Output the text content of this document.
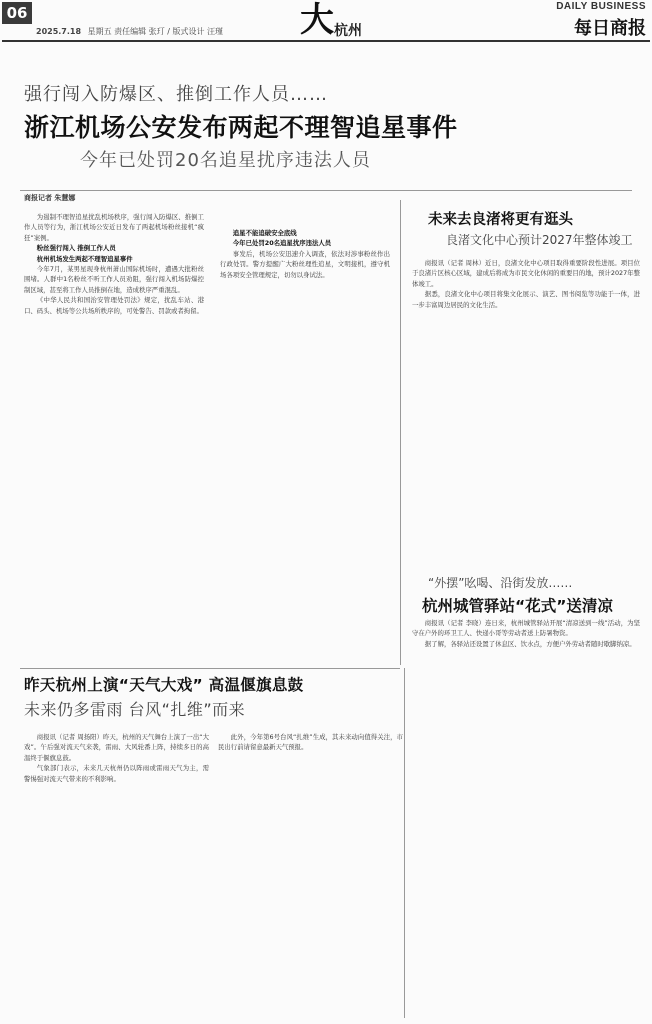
06
2025.7.18 星期五 责任编辑 张玎 / 版式设计 汪瑾 大 杭州
DAILY BUSINESS
每日商报
强行闯入防爆区、推倒工作人员……
浙江机场公安发布两起不理智追星事件
今年已处罚20名追星扰序违法人员
商报记者 朱慧娜

为遏制不理智追星扰乱机场秩序，强行闯入防爆区、推倒工作人员等行为，浙江机场公安近日发布了两起机场粉丝接机“疯狂”案例。

粉丝强行闯入 推倒工作人员

杭州机场发生两起不理智追星事件

今年7月，某男星现身杭州萧山国际机场时，遭遇大批粉丝围堵。人群中1名粉丝不听工作人员劝阻，强行闯入机场防爆控制区域，甚至将工作人员推倒在地，造成秩序严重混乱。

《中华人民共和国治安管理处罚法》规定，扰乱车站、港口、码头、机场等公共场所秩序的，可处警告、罚款或者拘留。

追星不能追破安全底线

今年已处罚20名追星扰序违法人员

事发后，机场公安迅速介入调查，依法对涉事粉丝作出行政处罚。警方提醒广大粉丝理性追星，文明接机，遵守机场各项安全管理规定，切勿以身试法。

未来去良渚将更有逛头
良渚文化中心预计2027年整体竣工

商报讯（记者 周林）近日，良渚文化中心项目取得重要阶段性进展。项目位于良渚片区核心区域，建成后将成为市民文化休闲的重要目的地，预计2027年整体竣工。

据悉，良渚文化中心项目将集文化展示、演艺、图书阅览等功能于一体，进一步丰富周边居民的文化生活。

“外摆”吆喝、沿街发放……
杭州城管驿站“花式”送清凉

商报讯（记者 李晓）连日来，杭州城管驿站开展“清凉送到一线”活动，为坚守在户外的环卫工人、快递小哥等劳动者送上防暑物资。

据了解，各驿站还设置了休息区、饮水点，方便户外劳动者随时歇脚纳凉。

昨天杭州上演“天气大戏” 高温偃旗息鼓
未来仍多雷雨 台风“扎维”而来

商报讯（记者 周扬阳）昨天，杭州的天气舞台上演了一出“大戏”。午后强对流天气来袭，雷雨、大风轮番上阵，持续多日的高温终于偃旗息鼓。

气象部门表示，未来几天杭州仍以阵雨或雷雨天气为主，需警惕强对流天气带来的不利影响。

此外，今年第6号台风“扎维”生成，其未来动向值得关注，市民出行前请留意最新天气预报。
